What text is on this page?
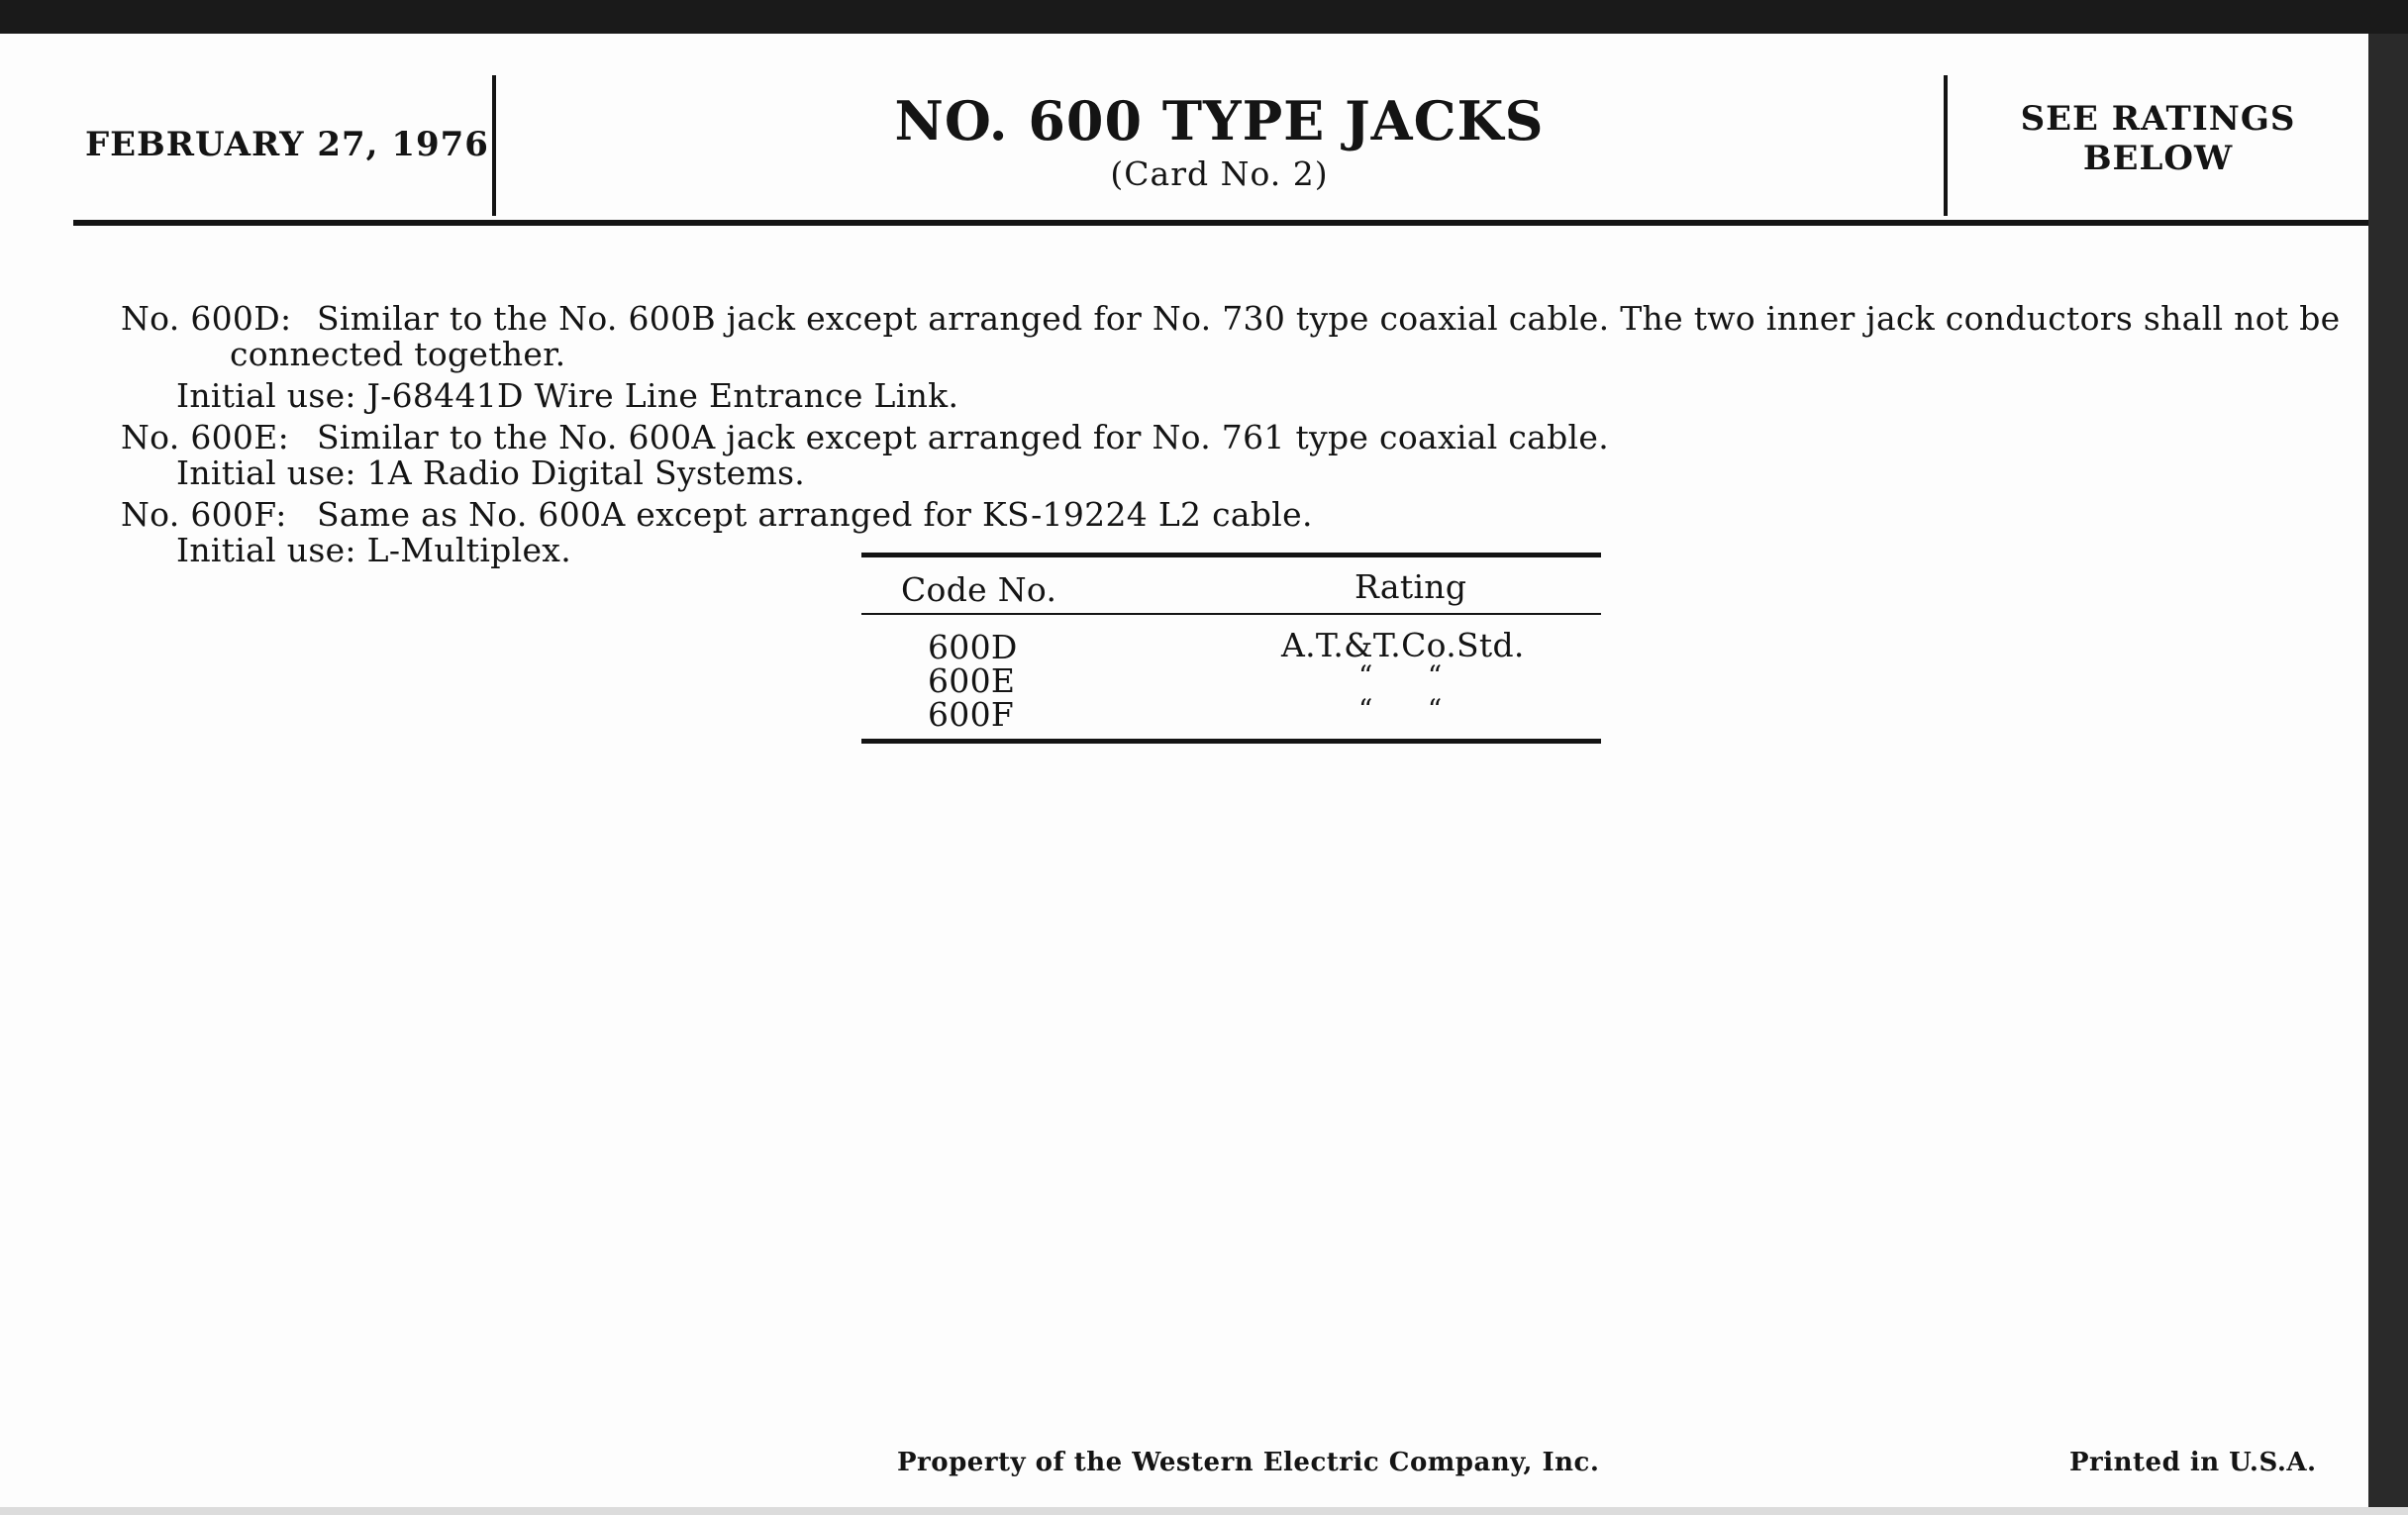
FEBRUARY 27, 1976	NO. 600 TYPE JACKS
(Card No. 2)
SEE RATINGS
BELOW
No. 600D: Similar to the No. 600B jack except arranged for No. 730 type coaxial cable. The two inner jack conductors shall not be
connected together.
Initial use: J-68441D Wire Line Entrance Link.
No. 600E: Similar to the No. 600A jack except arranged for No. 761 type coaxial cable.
Initial use: 1A Radio Digital Systems.
No. 600F: Same as No. 600A except arranged for KS-19224 L2 cable.
Initial use: L-Multiplex.
Code No.	Rating
600D	A.T.&T.Co.Std.
600E	“      “
600F	“      “
Property of the Western Electric Company, Inc.	Printed in U.S.A.
